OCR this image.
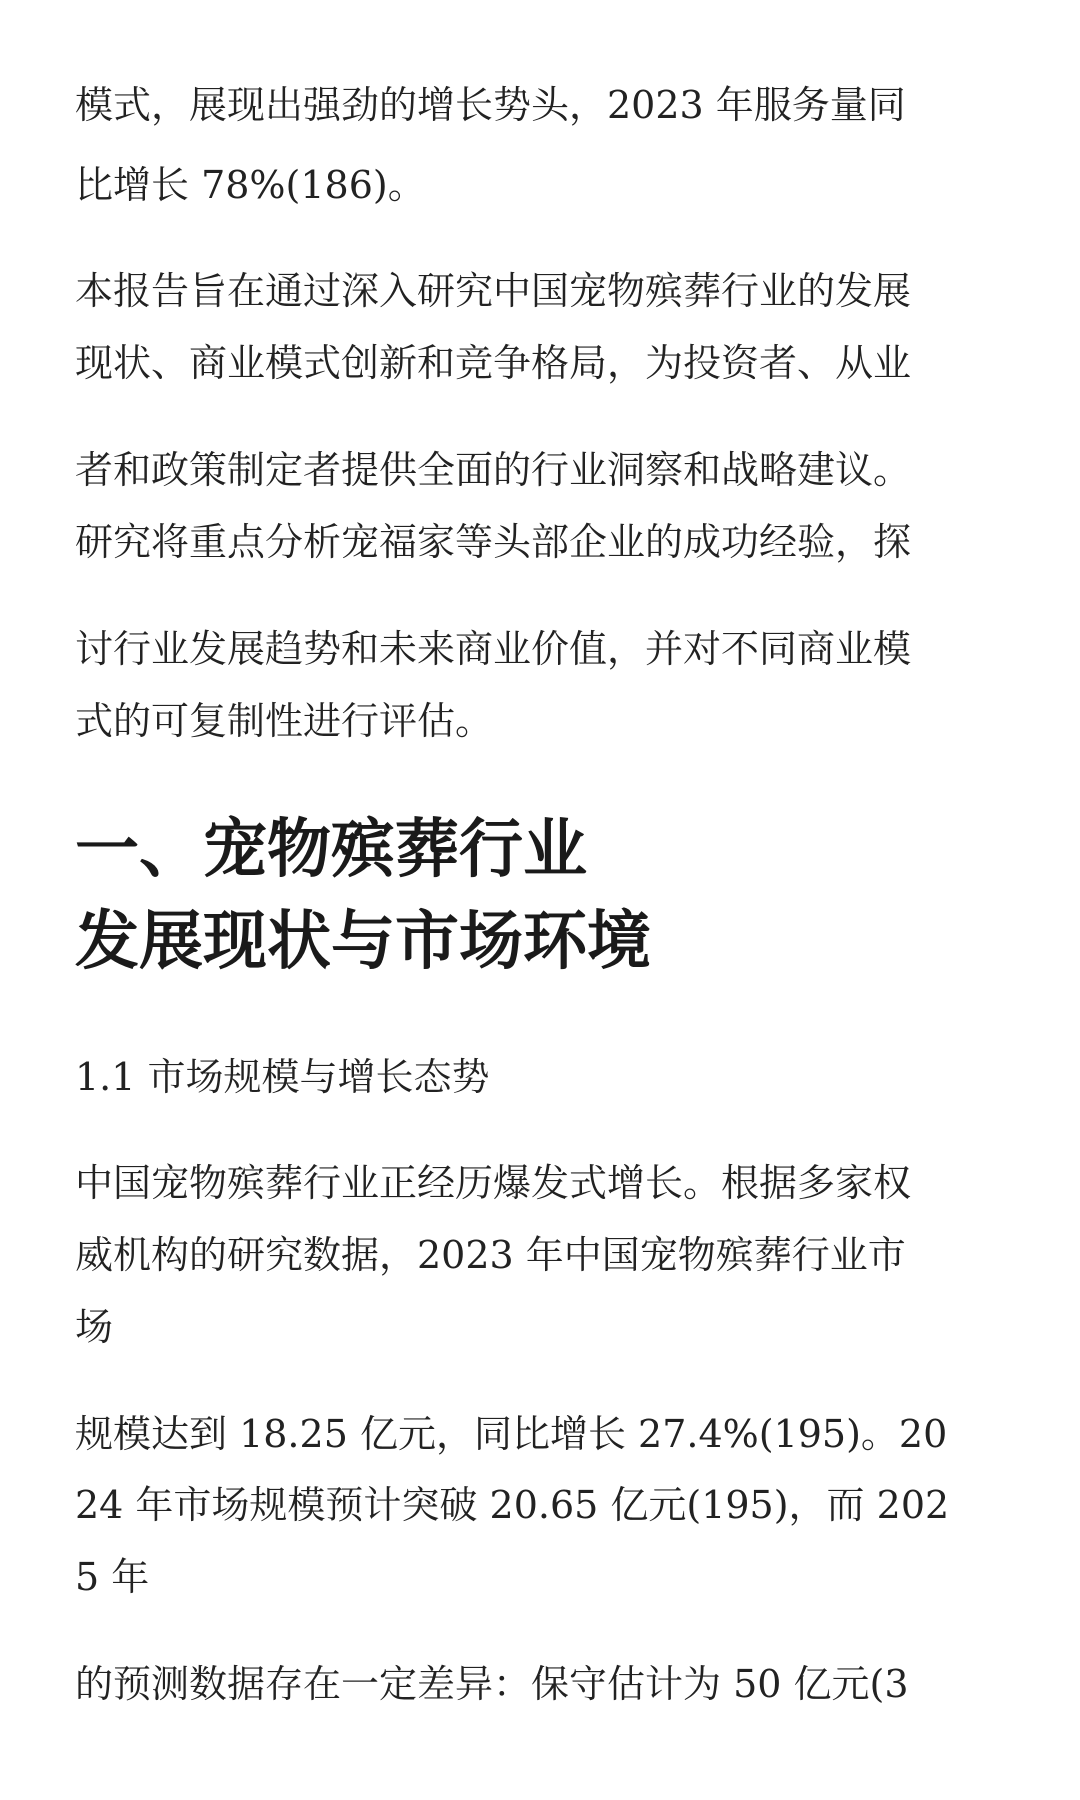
模式，展现出强劲的增长势头，2023 年服务量同
比增长 78%(186)。
本报告旨在通过深入研究中国宠物殡葬行业的发展
现状、商业模式创新和竞争格局，为投资者、从业
者和政策制定者提供全面的行业洞察和战略建议。
研究将重点分析宠福家等头部企业的成功经验，探
讨行业发展趋势和未来商业价值，并对不同商业模
式的可复制性进行评估。
一、宠物殡葬行业
发展现状与市场环境
1.1 市场规模与增长态势
中国宠物殡葬行业正经历爆发式增长。根据多家权
威机构的研究数据，2023 年中国宠物殡葬行业市
场
规模达到 18.25 亿元，同比增长 27.4%(195)。20
24 年市场规模预计突破 20.65 亿元(195)，而 202
5 年
的预测数据存在一定差异：保守估计为 50 亿元(3
